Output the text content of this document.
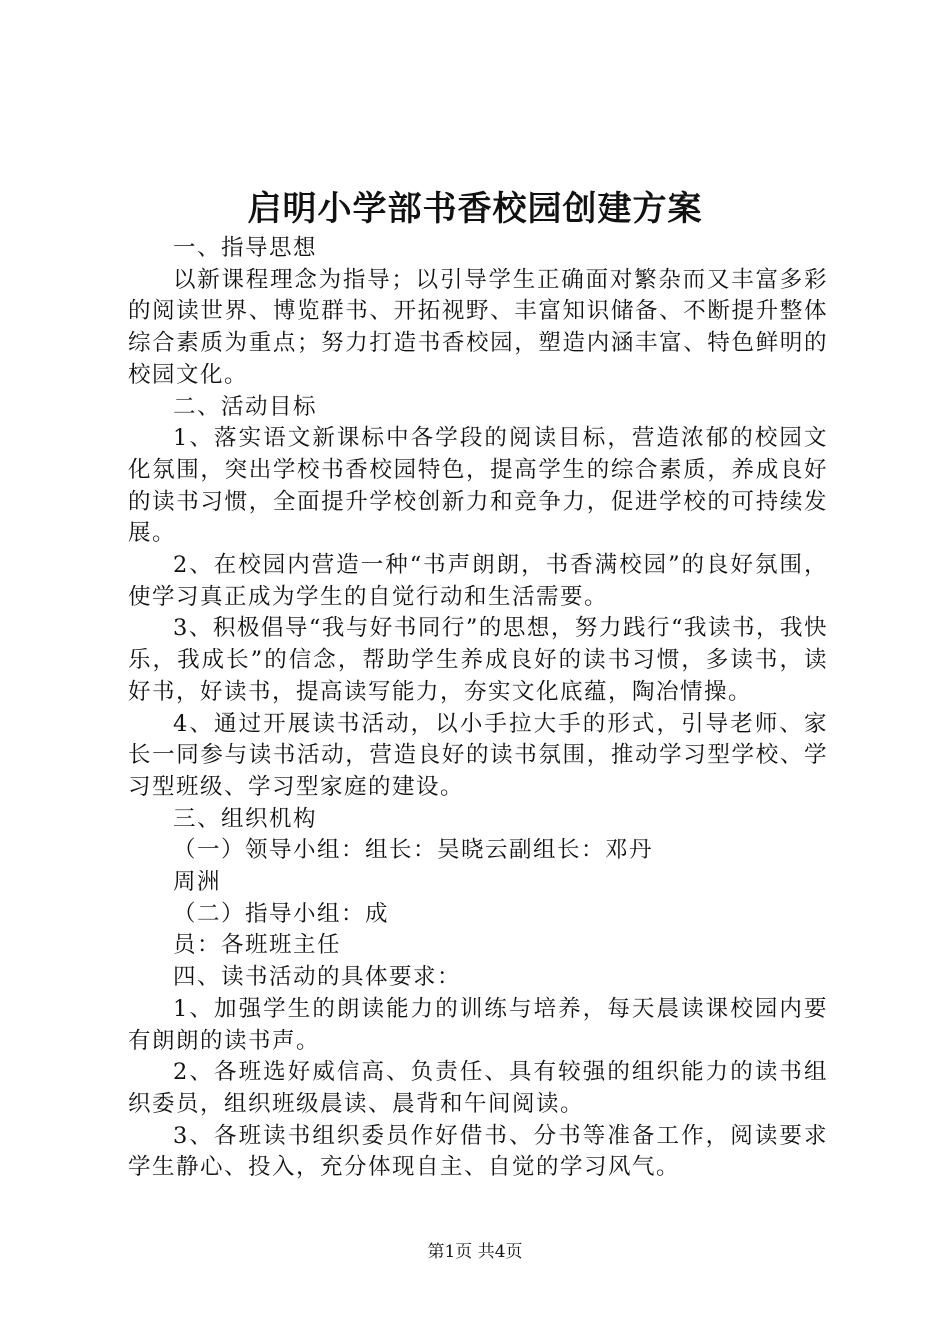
启明小学部书香校园创建方案

一、指导思想

以新课程理念为指导；以引导学生正确面对繁杂而又丰富多彩的阅读世界、博览群书、开拓视野、丰富知识储备、不断提升整体综合素质为重点；努力打造书香校园，塑造内涵丰富、特色鲜明的校园文化。

二、活动目标

1、落实语文新课标中各学段的阅读目标，营造浓郁的校园文化氛围，突出学校书香校园特色，提高学生的综合素质，养成良好的读书习惯，全面提升学校创新力和竞争力，促进学校的可持续发展。

2、在校园内营造一种“书声朗朗，书香满校园”的良好氛围，使学习真正成为学生的自觉行动和生活需要。

3、积极倡导“我与好书同行”的思想，努力践行“我读书，我快乐，我成长”的信念，帮助学生养成良好的读书习惯，多读书，读好书，好读书，提高读写能力，夯实文化底蕴，陶冶情操。

4、通过开展读书活动，以小手拉大手的形式，引导老师、家长一同参与读书活动，营造良好的读书氛围，推动学习型学校、学习型班级、学习型家庭的建设。

三、组织机构

（一）领导小组：组长：吴晓云副组长：邓丹

周洲

（二）指导小组：成

员：各班班主任

四、读书活动的具体要求：

1、加强学生的朗读能力的训练与培养，每天晨读课校园内要有朗朗的读书声。

2、各班选好威信高、负责任、具有较强的组织能力的读书组织委员，组织班级晨读、晨背和午间阅读。

3、各班读书组织委员作好借书、分书等准备工作，阅读要求学生静心、投入，充分体现自主、自觉的学习风气。

第1页 共4页
